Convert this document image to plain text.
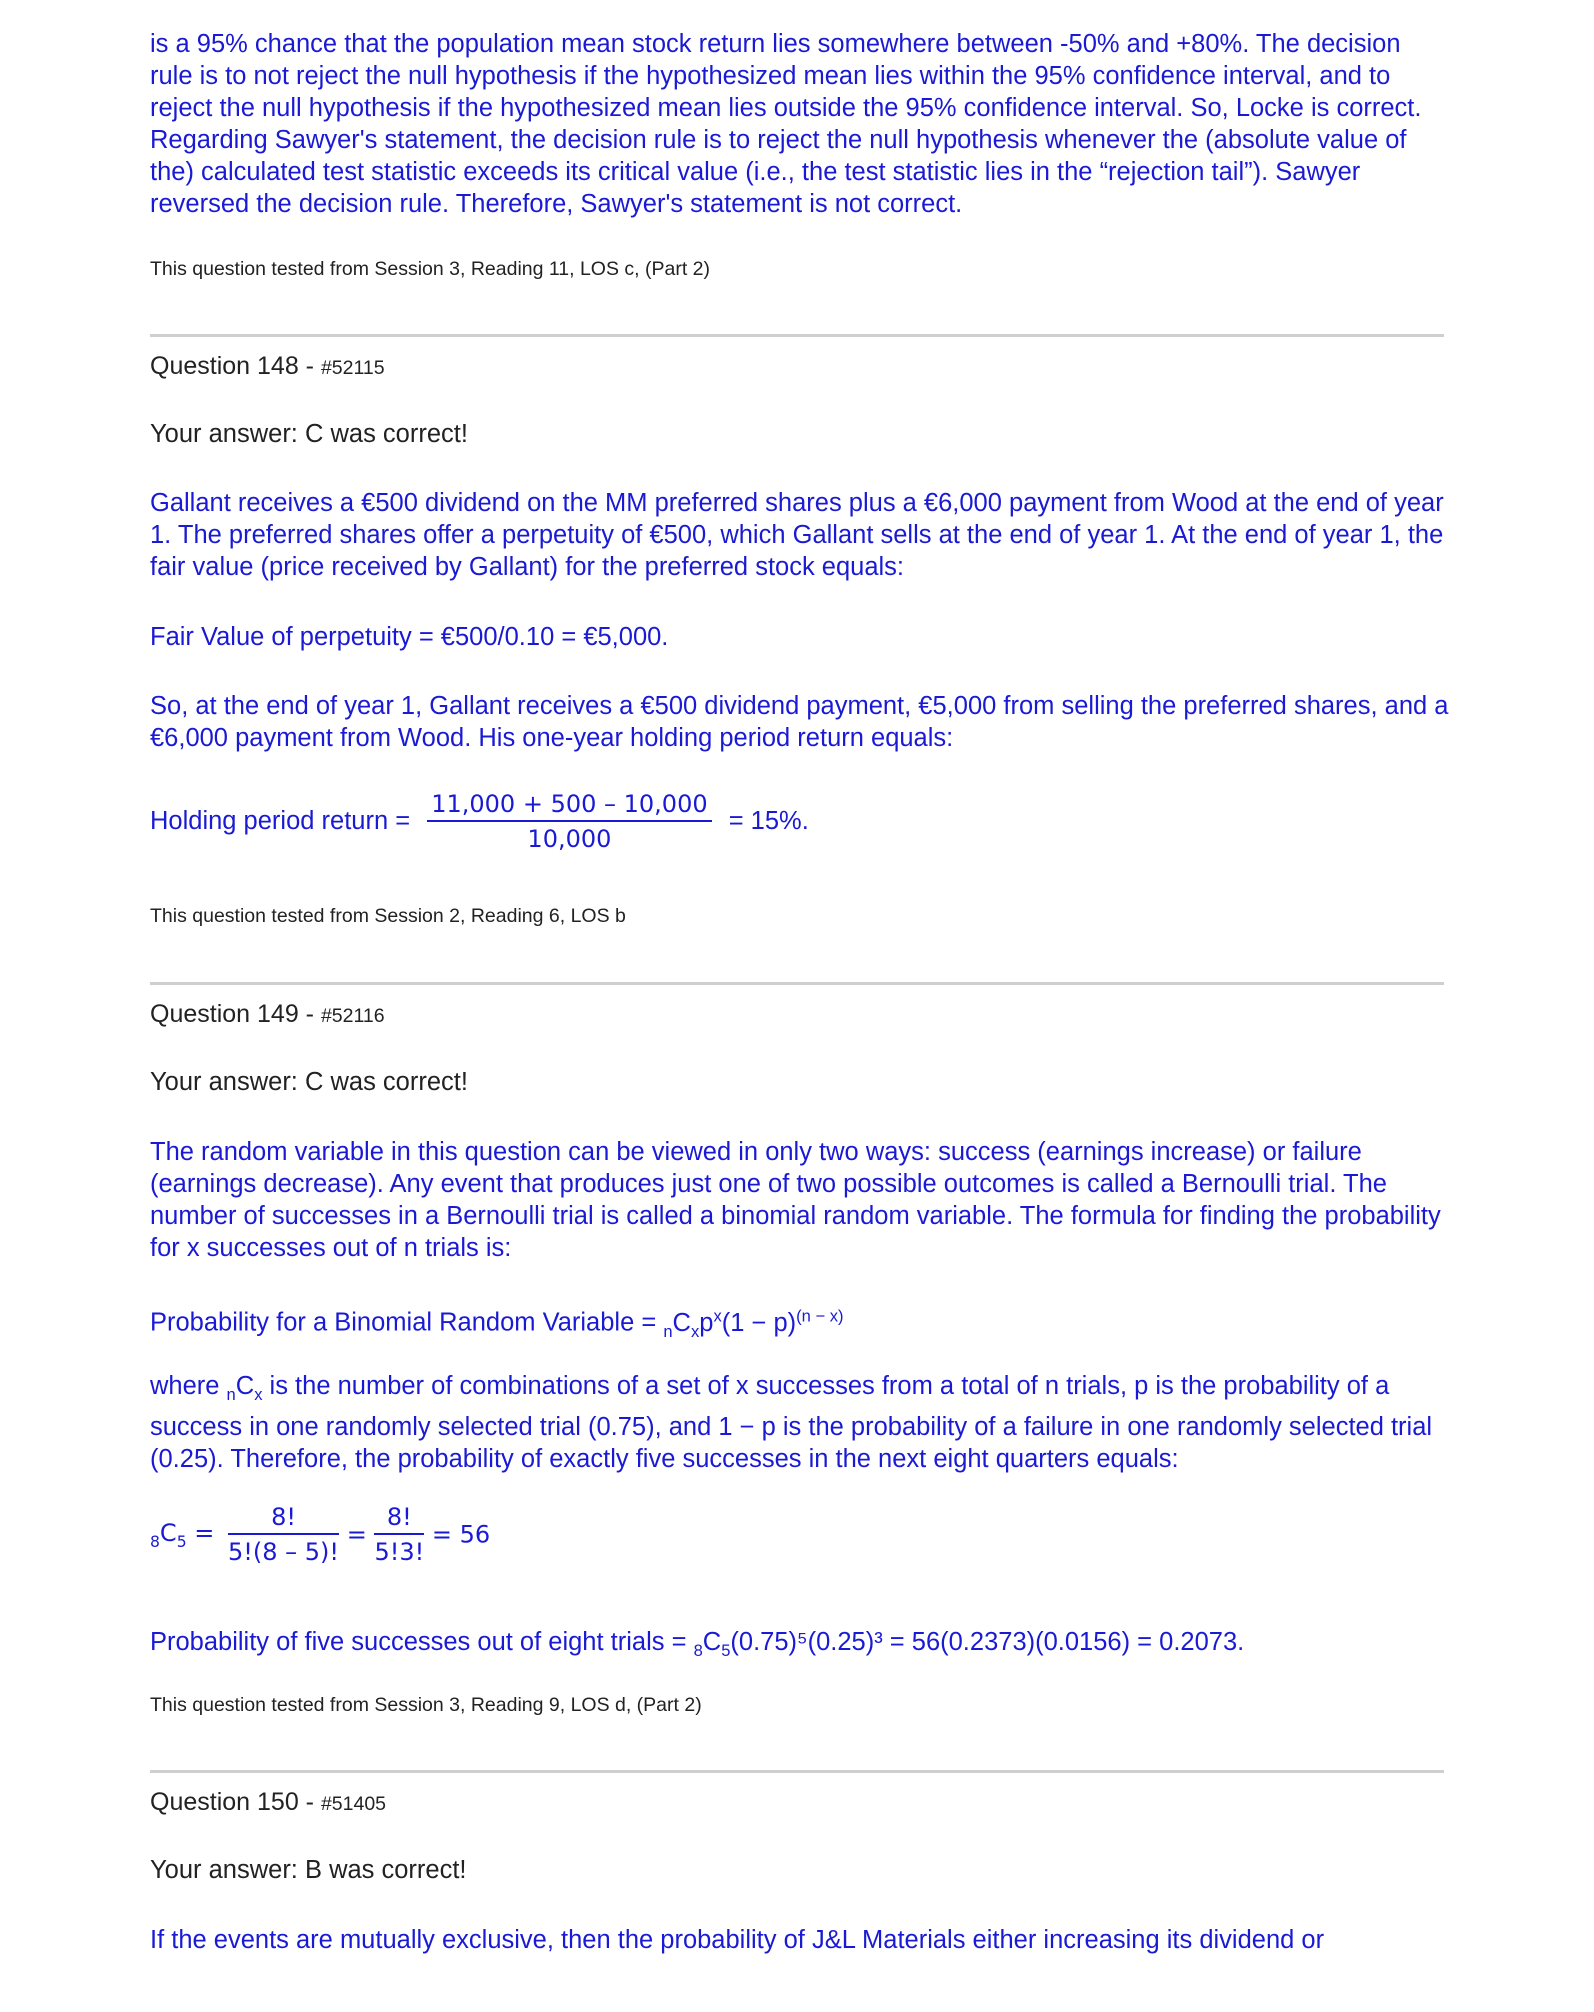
is a 95% chance that the population mean stock return lies somewhere between -50% and +80%. The decision rule is to not reject the null hypothesis if the hypothesized mean lies within the 95% confidence interval, and to reject the null hypothesis if the hypothesized mean lies outside the 95% confidence interval. So, Locke is correct. Regarding Sawyer's statement, the decision rule is to reject the null hypothesis whenever the (absolute value of the) calculated test statistic exceeds its critical value (i.e., the test statistic lies in the “rejection tail”). Sawyer reversed the decision rule. Therefore, Sawyer's statement is not correct.

This question tested from Session 3, Reading 11, LOS c, (Part 2)

Question 148 - #52115

Your answer: C was correct!

Gallant receives a €500 dividend on the MM preferred shares plus a €6,000 payment from Wood at the end of year 1. The preferred shares offer a perpetuity of €500, which Gallant sells at the end of year 1. At the end of year 1, the fair value (price received by Gallant) for the preferred stock equals:

Fair Value of perpetuity = €500/0.10 = €5,000.

So, at the end of year 1, Gallant receives a €500 dividend payment, €5,000 from selling the preferred shares, and a €6,000 payment from Wood. His one-year holding period return equals:

Holding period return = $\frac{11,000 + 500 - 10,000}{10,000} = 15\%$.

This question tested from Session 2, Reading 6, LOS b

Question 149 - #52116

Your answer: C was correct!

The random variable in this question can be viewed in only two ways: success (earnings increase) or failure (earnings decrease). Any event that produces just one of two possible outcomes is called a Bernoulli trial. The number of successes in a Bernoulli trial is called a binomial random variable. The formula for finding the probability for x successes out of n trials is:

Probability for a Binomial Random Variable = $_nC_xp^x(1 - p)^{(n - x)}$

where $_nC_x$ is the number of combinations of a set of x successes from a total of n trials, p is the probability of a success in one randomly selected trial (0.75), and 1 − p is the probability of a failure in one randomly selected trial (0.25). Therefore, the probability of exactly five successes in the next eight quarters equals:

$_8C_5 = \frac{8!}{5!(8 - 5)!} = \frac{8!}{5!3!} = 56$

Probability of five successes out of eight trials = $_8C_5(0.75)^5(0.25)^3 = 56(0.2373)(0.0156) = 0.2073$.

This question tested from Session 3, Reading 9, LOS d, (Part 2)

Question 150 - #51405

Your answer: B was correct!

If the events are mutually exclusive, then the probability of J&L Materials either increasing its dividend or
